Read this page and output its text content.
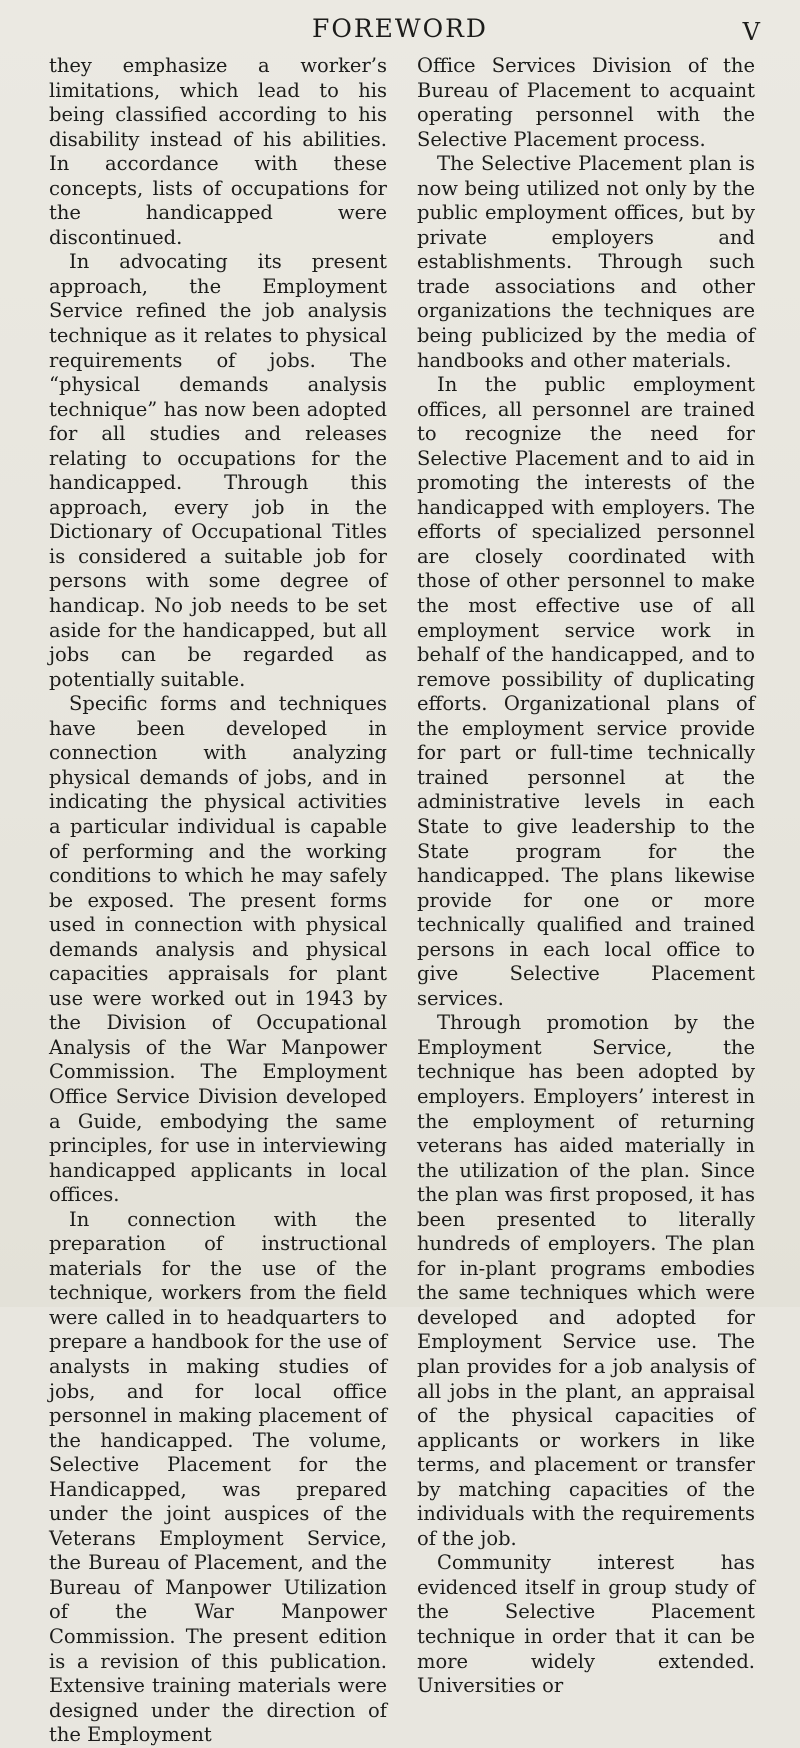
FOREWORD	V

they emphasize a worker’s limitations, which lead to his being classified according to his disability instead of his abilities. In accordance with these concepts, lists of occupations for the handicapped were discontinued.

In advocating its present approach, the Employment Service refined the job analysis technique as it relates to physical requirements of jobs. The “physical demands analysis technique” has now been adopted for all studies and releases relating to occupations for the handicapped. Through this approach, every job in the Dictionary of Occupational Titles is considered a suitable job for persons with some degree of handicap. No job needs to be set aside for the handicapped, but all jobs can be regarded as potentially suitable.

Specific forms and techniques have been developed in connection with analyzing physical demands of jobs, and in indicating the physical activities a particular individual is capable of performing and the working conditions to which he may safely be exposed. The present forms used in connection with physical demands analysis and physical capacities appraisals for plant use were worked out in 1943 by the Division of Occupational Analysis of the War Manpower Commission. The Employment Office Service Division developed a Guide, embodying the same principles, for use in interviewing handicapped applicants in local offices.

In connection with the preparation of instructional materials for the use of the technique, workers from the field were called in to headquarters to prepare a handbook for the use of analysts in making studies of jobs, and for local office personnel in making placement of the handicapped. The volume, Selective Placement for the Handicapped, was prepared under the joint auspices of the Veterans Employment Service, the Bureau of Placement, and the Bureau of Manpower Utilization of the War Manpower Commission. The present edition is a revision of this publication. Extensive training materials were designed under the direction of the Employment

Office Services Division of the Bureau of Placement to acquaint operating personnel with the Selective Placement process.

The Selective Placement plan is now being utilized not only by the public employment offices, but by private employers and establishments. Through such trade associations and other organizations the techniques are being publicized by the media of handbooks and other materials.

In the public employment offices, all personnel are trained to recognize the need for Selective Placement and to aid in promoting the interests of the handicapped with employers. The efforts of specialized personnel are closely coordinated with those of other personnel to make the most effective use of all employment service work in behalf of the handicapped, and to remove possibility of duplicating efforts. Organizational plans of the employment service provide for part or full-time technically trained personnel at the administrative levels in each State to give leadership to the State program for the handicapped. The plans likewise provide for one or more technically qualified and trained persons in each local office to give Selective Placement services.

Through promotion by the Employment Service, the technique has been adopted by employers. Employers’ interest in the employment of returning veterans has aided materially in the utilization of the plan. Since the plan was first proposed, it has been presented to literally hundreds of employers. The plan for in-plant programs embodies the same techniques which were developed and adopted for Employment Service use. The plan provides for a job analysis of all jobs in the plant, an appraisal of the physical capacities of applicants or workers in like terms, and placement or transfer by matching capacities of the individuals with the requirements of the job.

Community interest has evidenced itself in group study of the Selective Placement technique in order that it can be more widely extended. Universities or
